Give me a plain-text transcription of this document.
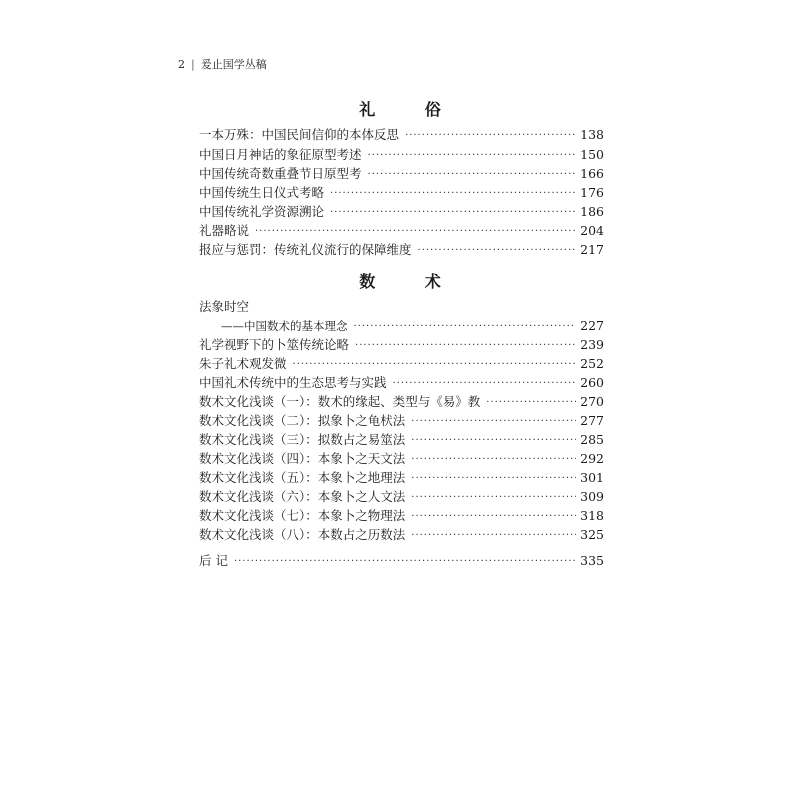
2 | 爰止国学丛稿
礼 俗
一本万殊：中国民间信仰的本体反思 ·····	138
中国日月神话的象征原型考述 ·····	150
中国传统奇数重叠节日原型考 ·····	166
中国传统生日仪式考略 ·····	176
中国传统礼学资源溯论 ·····	186
礼器略说 ·····	204
报应与惩罚：传统礼仪流行的保障维度 ·····	217
数 术
法象时空
——中国数术的基本理念 ·····	227
礼学视野下的卜筮传统论略 ·····	239
朱子礼术观发微 ·····	252
中国礼术传统中的生态思考与实践 ·····	260
数术文化浅谈（一）：数术的缘起、类型与《易》教 ·····	270
数术文化浅谈（二）：拟象卜之龟枤法 ·····	277
数术文化浅谈（三）：拟数占之易筮法 ·····	285
数术文化浅谈（四）：本象卜之天文法 ·····	292
数术文化浅谈（五）：本象卜之地理法 ·····	301
数术文化浅谈（六）：本象卜之人文法 ·····	309
数术文化浅谈（七）：本象卜之物理法 ·····	318
数术文化浅谈（八）：本数占之历数法 ·····	325
后 记 ·····	335
